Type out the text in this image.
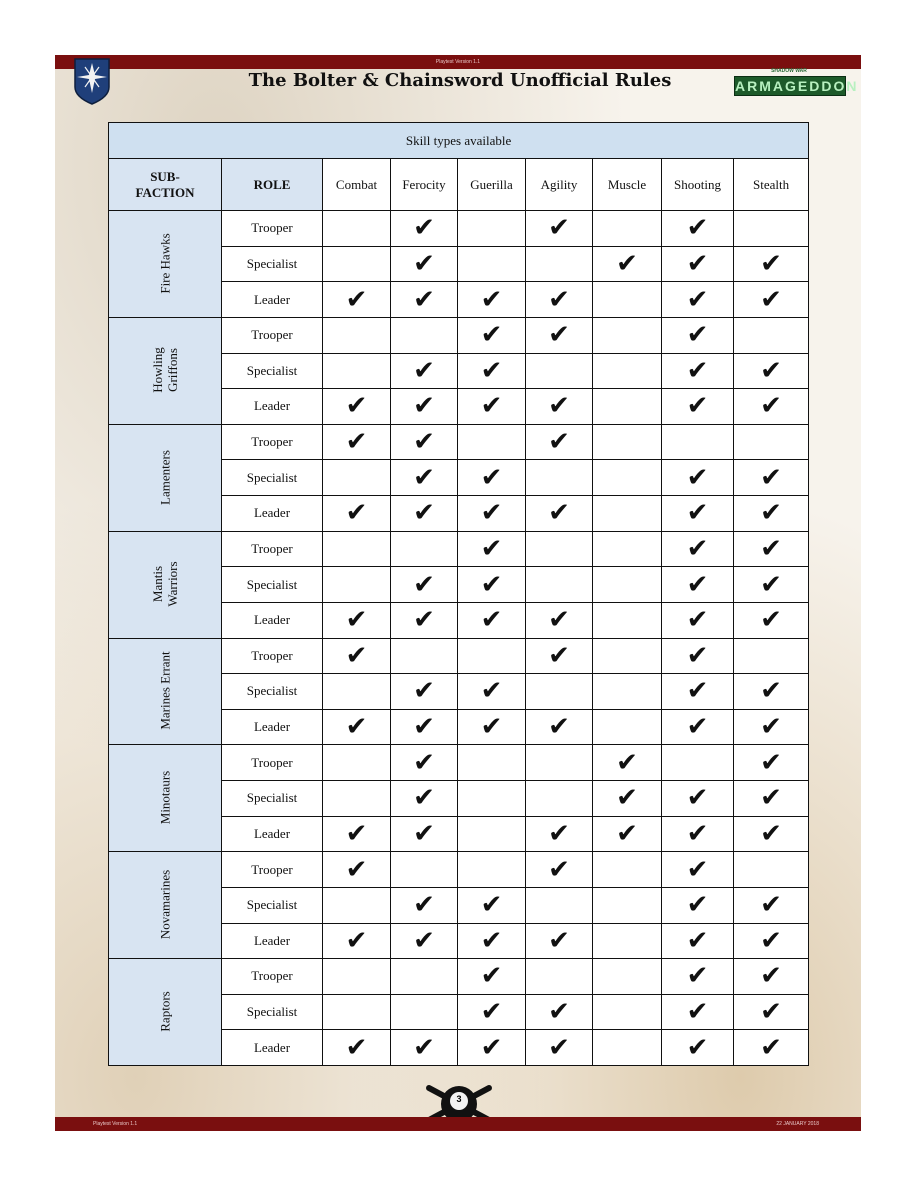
Playtest Version 1.1
The Bolter & Chainsword Unofficial Rules	SHADOW WAR
ARMAGEDDON
Skill types available								
SUB-
FACTION	ROLE	Combat	Ferocity	Guerilla	Agility	Muscle	Shooting	Stealth
Fire Hawks	Trooper		✔		✔		✔	
	Specialist		✔			✔	✔	✔
	Leader	✔	✔	✔	✔		✔	✔
Howling
Griffons	Trooper			✔	✔		✔	
	Specialist		✔	✔			✔	✔
	Leader	✔	✔	✔	✔		✔	✔
Lamenters	Trooper	✔	✔		✔			
	Specialist		✔	✔			✔	✔
	Leader	✔	✔	✔	✔		✔	✔
Mantis
Warriors	Trooper			✔			✔	✔
	Specialist		✔	✔			✔	✔
	Leader	✔	✔	✔	✔		✔	✔
Marines Errant	Trooper	✔			✔		✔	
	Specialist		✔	✔			✔	✔
	Leader	✔	✔	✔	✔		✔	✔
Minotaurs	Trooper		✔			✔		✔
	Specialist		✔			✔	✔	✔
	Leader	✔	✔		✔	✔	✔	✔
Novamarines	Trooper	✔			✔		✔	
	Specialist		✔	✔			✔	✔
	Leader	✔	✔	✔	✔		✔	✔
Raptors	Trooper			✔			✔	✔
	Specialist			✔	✔		✔	✔
	Leader	✔	✔	✔	✔		✔	✔
3
Playtest Version 1.1	22 JANUARY 2018
